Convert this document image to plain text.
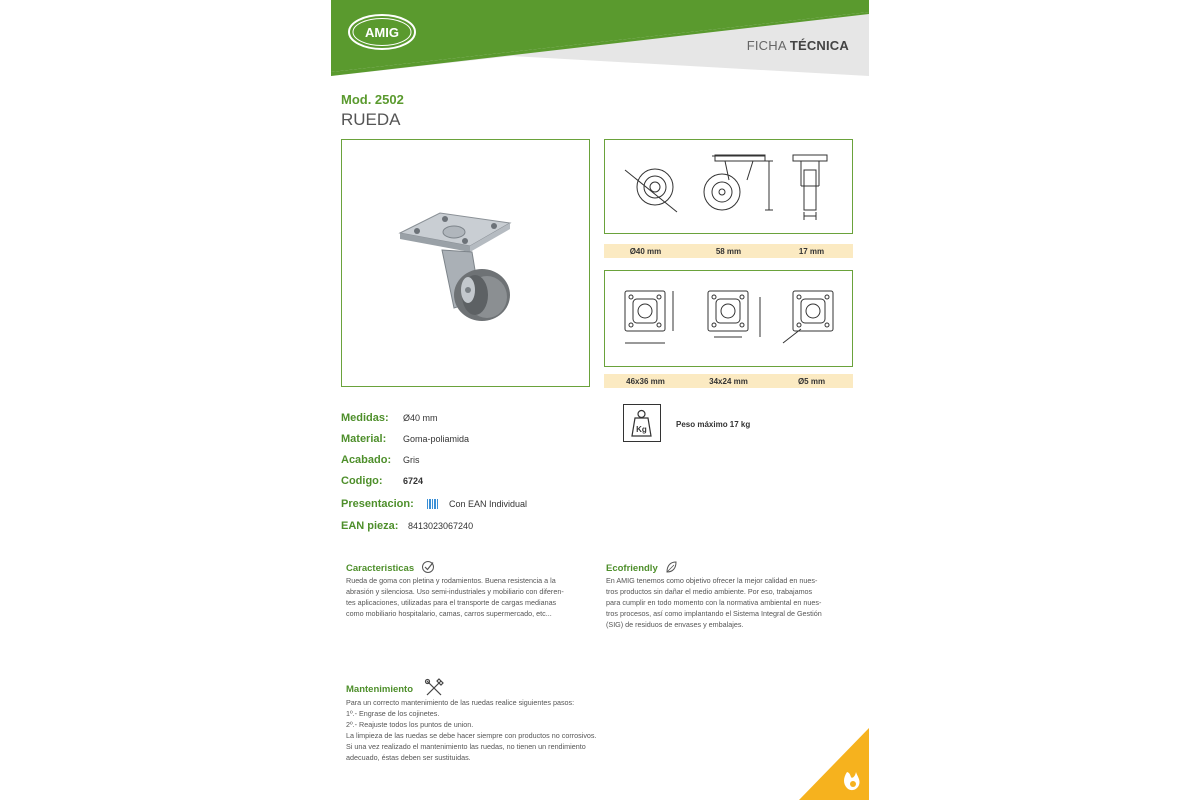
AMIG
FICHA TÉCNICA
Mod. 2502
RUEDA
Ø40 mm	58 mm	17 mm
46x36 mm	34x24 mm	Ø5 mm
Medidas:	Ø40 mm
Material:	Goma-poliamida
Acabado:	Gris
Codigo:	6724
Presentacion:	Con EAN Individual
EAN pieza:	8413023067240
Kg
Peso máximo 17 kg
Caracteristicas
Rueda de goma con pletina y rodamientos. Buena resistencia a la
abrasión y silenciosa. Uso semi-industriales y mobiliario con diferen-
tes aplicaciones, utilizadas para el transporte de cargas medianas
como mobiliario hospitalario, camas, carros supermercado, etc...
Ecofriendly
En AMIG tenemos como objetivo ofrecer la mejor calidad en nues-
tros productos sin dañar el medio ambiente. Por eso, trabajamos
para cumplir en todo momento con la normativa ambiental en nues-
tros procesos, así como implantando el Sistema Integral de Gestión
(SIG) de residuos de envases y embalajes.
Mantenimiento
Para un correcto mantenimiento de las ruedas realice siguientes pasos:
1º.- Engrase de los cojinetes.
2º.- Reajuste todos los puntos de union.
La limpieza de las ruedas se debe hacer siempre con productos no corrosivos.
Si una vez realizado el mantenimiento las ruedas, no tienen un rendimiento
adecuado, éstas deben ser sustituidas.
